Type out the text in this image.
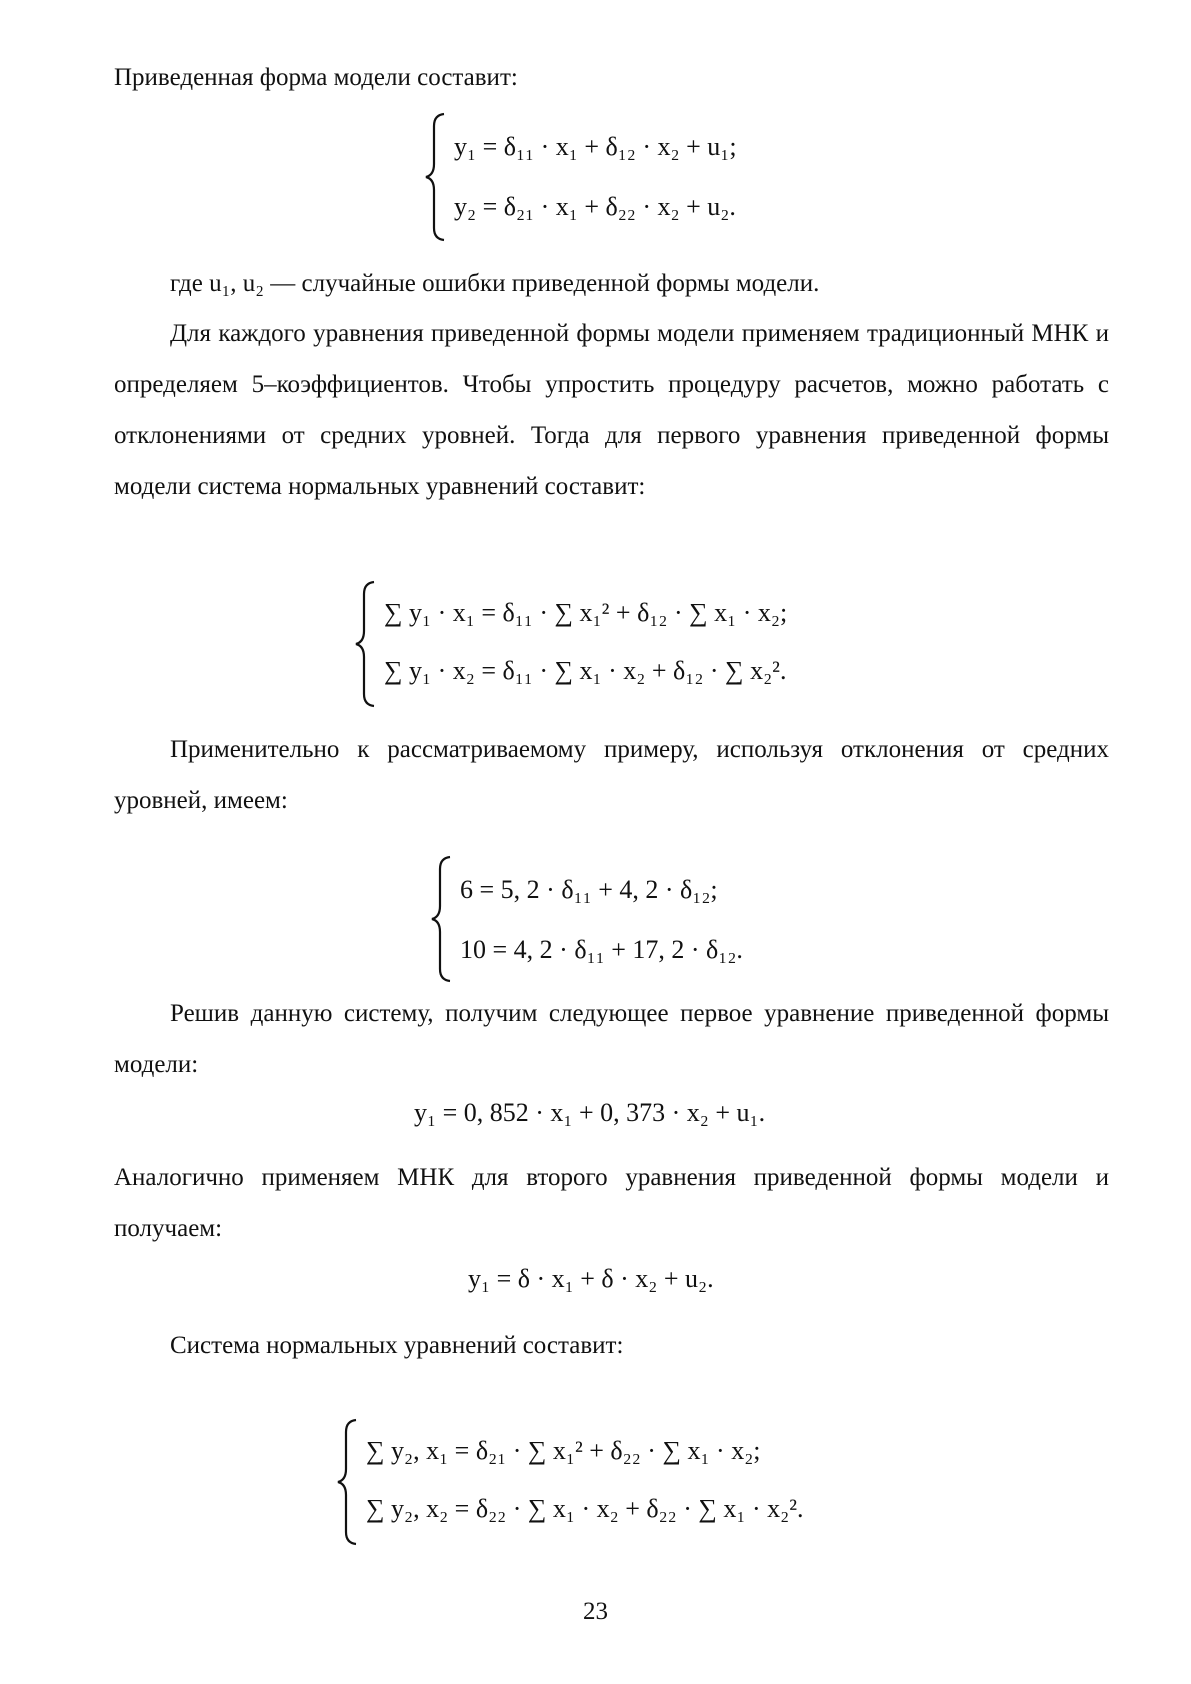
Приведенная форма модели составит:

y₁ = δ₁₁ · x₁ + δ₁₂ · x₂ + u₁;
y₂ = δ₂₁ · x₁ + δ₂₂ · x₂ + u₂.

где u₁, u₂ — случайные ошибки приведенной формы модели.

Для каждого уравнения приведенной формы модели применяем традиционный МНК и определяем 5–коэффициентов. Чтобы упростить процедуру расчетов, можно работать с отклонениями от средних уровней. Тогда для первого уравнения приведенной формы модели система нормальных уравнений составит:

∑ y₁ · x₁ = δ₁₁ · ∑ x₁² + δ₁₂ · ∑ x₁ · x₂;
∑ y₁ · x₂ = δ₁₁ · ∑ x₁ · x₂ + δ₁₂ · ∑ x₂².

Применительно к рассматриваемому примеру, используя отклонения от средних уровней, имеем:

6 = 5, 2 · δ₁₁ + 4, 2 · δ₁₂;
10 = 4, 2 · δ₁₁ + 17, 2 · δ₁₂.

Решив данную систему, получим следующее первое уравнение приведенной формы модели:

y₁ = 0, 852 · x₁ + 0, 373 · x₂ + u₁.

Аналогично применяем МНК для второго уравнения приведенной формы модели и получаем:

y₁ = δ · x₁ + δ · x₂ + u₂.

Система нормальных уравнений составит:

∑ y₂, x₁ = δ₂₁ · ∑ x₁² + δ₂₂ · ∑ x₁ · x₂;
∑ y₂, x₂ = δ₂₂ · ∑ x₁ · x₂ + δ₂₂ · ∑ x₁ · x₂².
23
